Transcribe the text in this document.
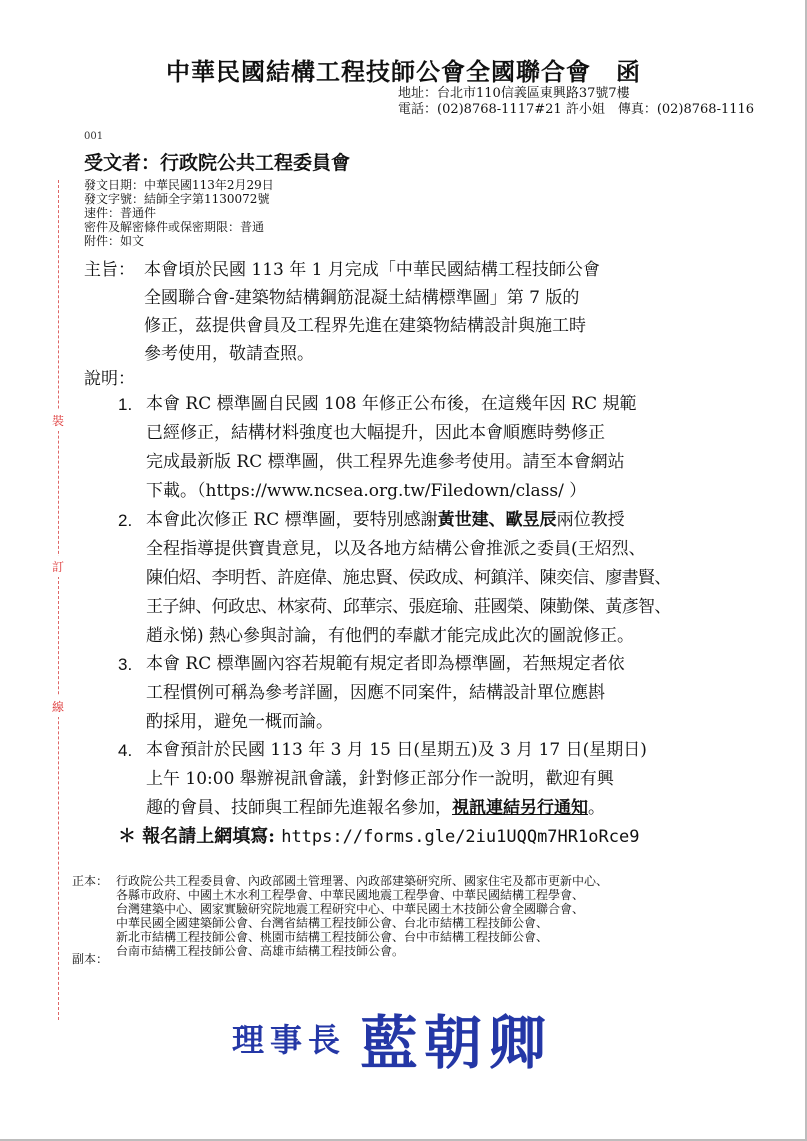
中華民國結構工程技師公會全國聯合會　函
地址：台北市110信義區東興路37號7樓
電話：(02)8768-1117#21 許小姐　傳真：(02)8768-1116
001
受文者：行政院公共工程委員會
發文日期：中華民國113年2月29日
發文字號：結師全字第1130072號
速件：普通件
密件及解密條件或保密期限：普通
附件：如文
裝
訂
線
主旨： 本會頃於民國 113 年 1 月完成「中華民國結構工程技師公會
全國聯合會-建築物結構鋼筋混凝土結構標準圖」第 7 版的
修正，茲提供會員及工程界先進在建築物結構設計與施工時
參考使用，敬請查照。
說明：
1. 本會 RC 標準圖自民國 108 年修正公布後，在這幾年因 RC 規範
已經修正，結構材料強度也大幅提升，因此本會順應時勢修正
完成最新版 RC 標準圖，供工程界先進參考使用。請至本會網站
下載。（https://www.ncsea.org.tw/Filedown/class/ ）
2. 本會此次修正 RC 標準圖，要特別感謝黃世建、歐昱辰兩位教授
全程指導提供寶貴意見，以及各地方結構公會推派之委員(王炤烈、
陳伯炤、李明哲、許庭偉、施忠賢、侯政成、柯鎮洋、陳奕信、廖書賢、
王子紳、何政忠、林家荷、邱華宗、張庭瑜、莊國榮、陳勤傑、黃彥智、
趙永悌) 熱心參與討論，有他們的奉獻才能完成此次的圖說修正。
3. 本會 RC 標準圖內容若規範有規定者即為標準圖，若無規定者依
工程慣例可稱為參考詳圖，因應不同案件，結構設計單位應斟
酌採用，避免一概而論。
4. 本會預計於民國 113 年 3 月 15 日(星期五)及 3 月 17 日(星期日)
上午 10:00 舉辦視訊會議，針對修正部分作一說明，歡迎有興
趣的會員、技師與工程師先進報名參加，視訊連結另行通知。
＊ 報名請上網填寫: https://forms.gle/2iu1UQQm7HR1oRce9
正本： 行政院公共工程委員會、內政部國土管理署、內政部建築研究所、國家住宅及都市更新中心、
各縣市政府、中國土木水利工程學會、中華民國地震工程學會、中華民國結構工程學會、
台灣建築中心、國家實驗研究院地震工程研究中心、中華民國土木技師公會全國聯合會、
中華民國全國建築師公會、台灣省結構工程技師公會、台北市結構工程技師公會、
新北市結構工程技師公會、桃園市結構工程技師公會、台中市結構工程技師公會、
台南市結構工程技師公會、高雄市結構工程技師公會。
副本：
理事長 藍朝卿
